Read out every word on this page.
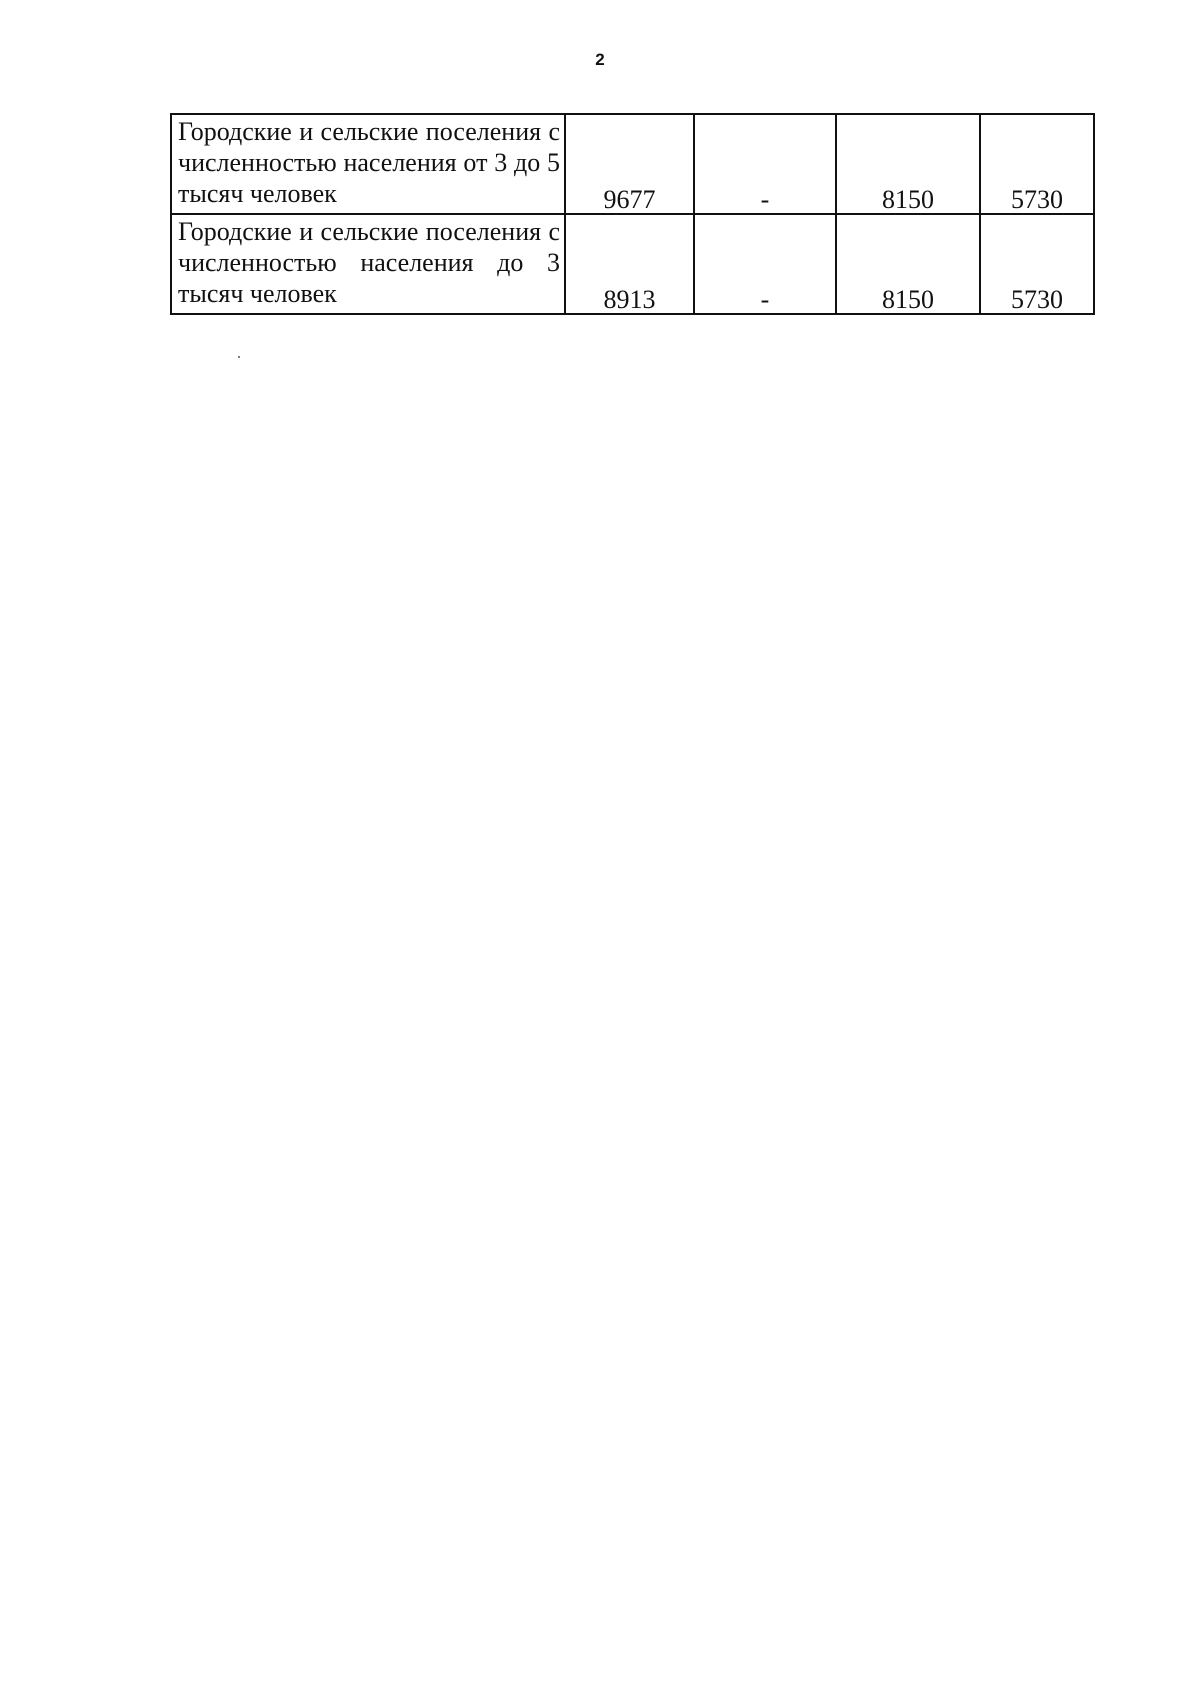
2
Городские и сельские поселения с численностью населения от 3 до 5 тысяч человек	9677	-	8150	5730

Городские и сельские поселения с численностью населения до 3 тысяч человек	8913	-	8150	5730
